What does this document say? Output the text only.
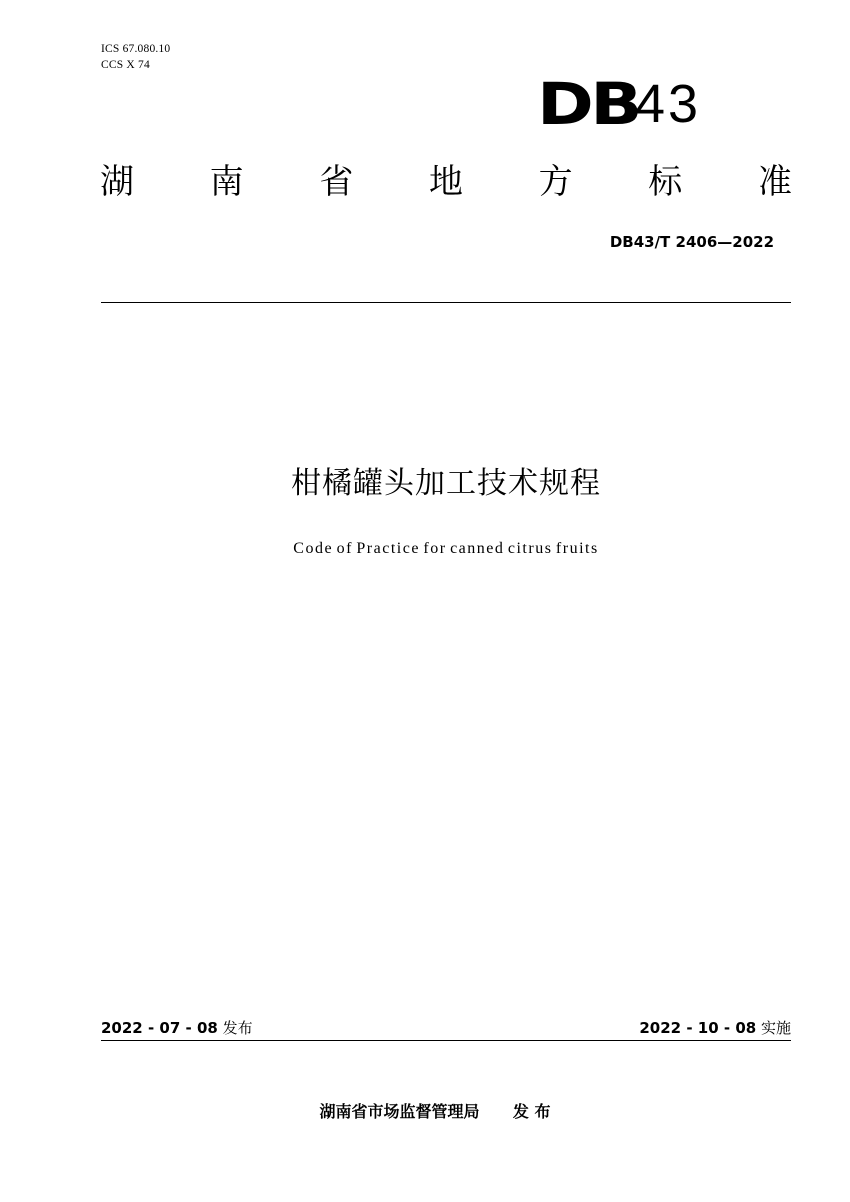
ICS 67.080.10
CCS X 74
DB
43
湖 南 省 地 方 标 准
DB43/T 2406—2022
柑橘罐头加工技术规程
Code of Practice for canned citrus fruits
2022 - 07 - 08 发布	2022 - 10 - 08 实施
湖南省市场监督管理局 发 布
